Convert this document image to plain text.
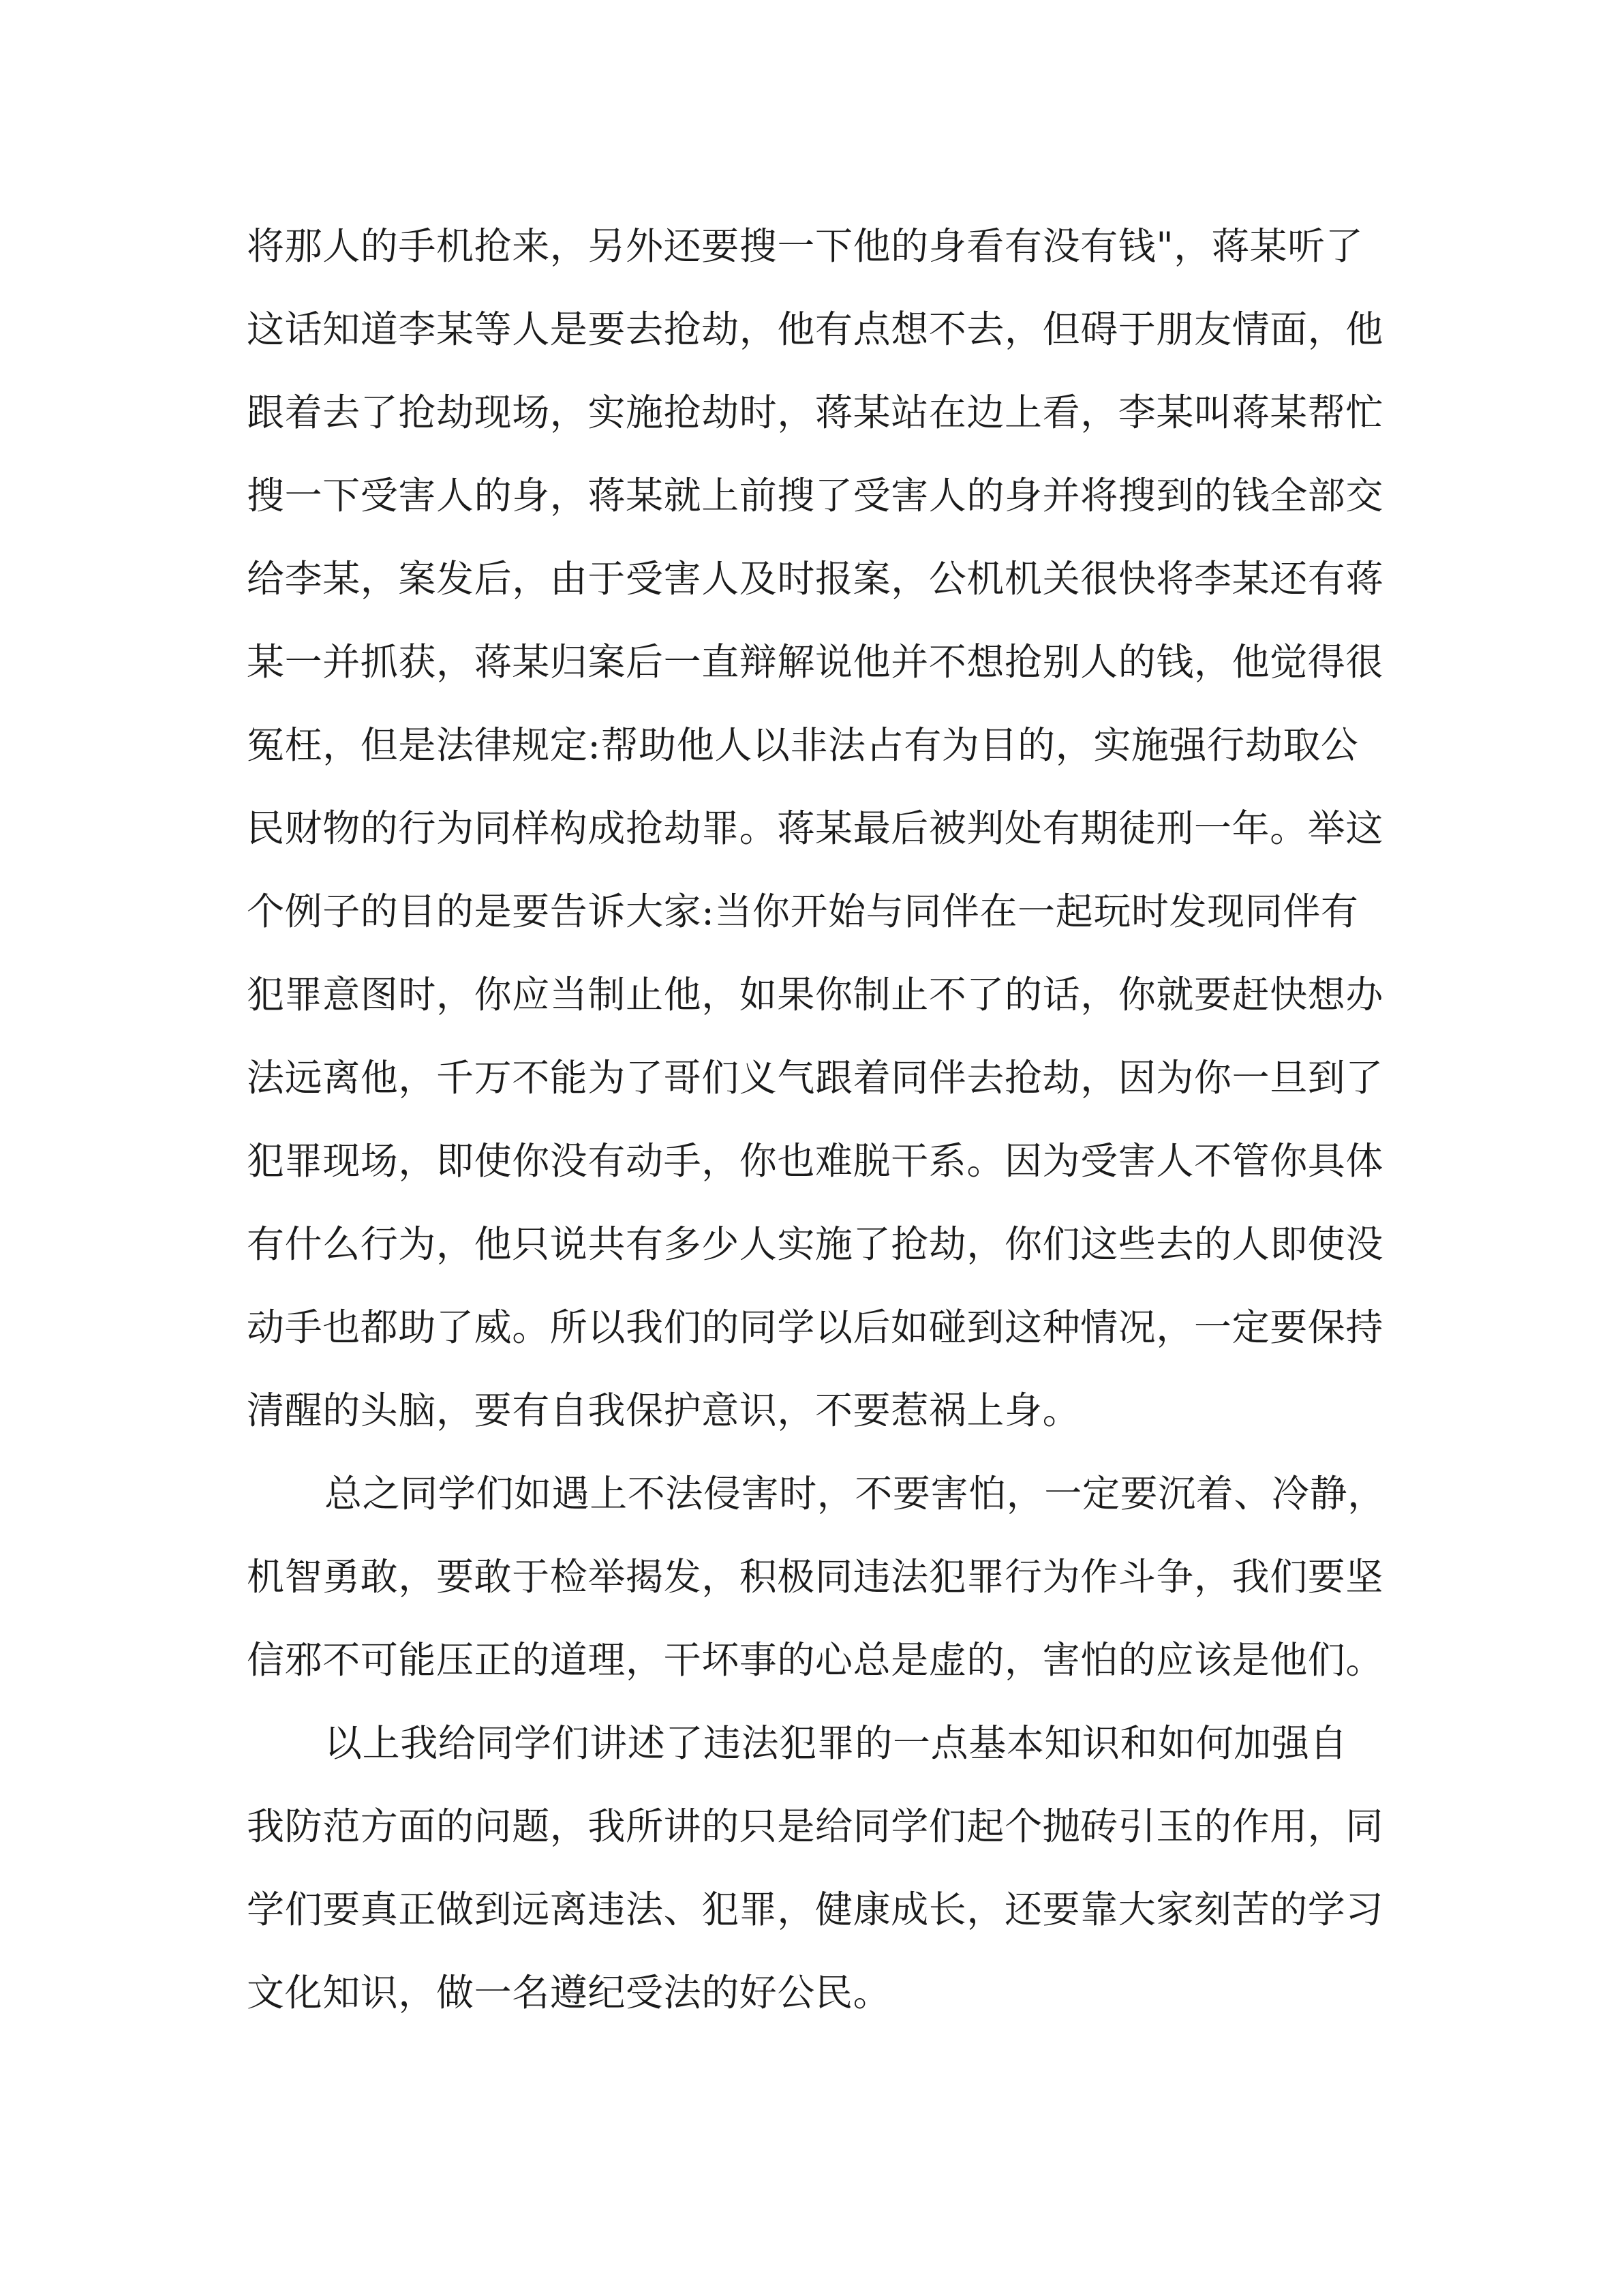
将那人的手机抢来，另外还要搜一下他的身看有没有钱"，蒋某听了
这话知道李某等人是要去抢劫，他有点想不去，但碍于朋友情面，他
跟着去了抢劫现场，实施抢劫时，蒋某站在边上看，李某叫蒋某帮忙
搜一下受害人的身，蒋某就上前搜了受害人的身并将搜到的钱全部交
给李某，案发后，由于受害人及时报案，公机机关很快将李某还有蒋
某一并抓获，蒋某归案后一直辩解说他并不想抢别人的钱，他觉得很
冤枉，但是法律规定:帮助他人以非法占有为目的，实施强行劫取公
民财物的行为同样构成抢劫罪。蒋某最后被判处有期徒刑一年。举这
个例子的目的是要告诉大家:当你开始与同伴在一起玩时发现同伴有
犯罪意图时，你应当制止他，如果你制止不了的话，你就要赶快想办
法远离他，千万不能为了哥们义气跟着同伴去抢劫，因为你一旦到了
犯罪现场，即使你没有动手，你也难脱干系。因为受害人不管你具体
有什么行为，他只说共有多少人实施了抢劫，你们这些去的人即使没
动手也都助了威。所以我们的同学以后如碰到这种情况，一定要保持
清醒的头脑，要有自我保护意识，不要惹祸上身。
总之同学们如遇上不法侵害时，不要害怕，一定要沉着、冷静，
机智勇敢，要敢于检举揭发，积极同违法犯罪行为作斗争，我们要坚
信邪不可能压正的道理，干坏事的心总是虚的，害怕的应该是他们。
以上我给同学们讲述了违法犯罪的一点基本知识和如何加强自
我防范方面的问题，我所讲的只是给同学们起个抛砖引玉的作用，同
学们要真正做到远离违法、犯罪，健康成长，还要靠大家刻苦的学习
文化知识，做一名遵纪受法的好公民。
